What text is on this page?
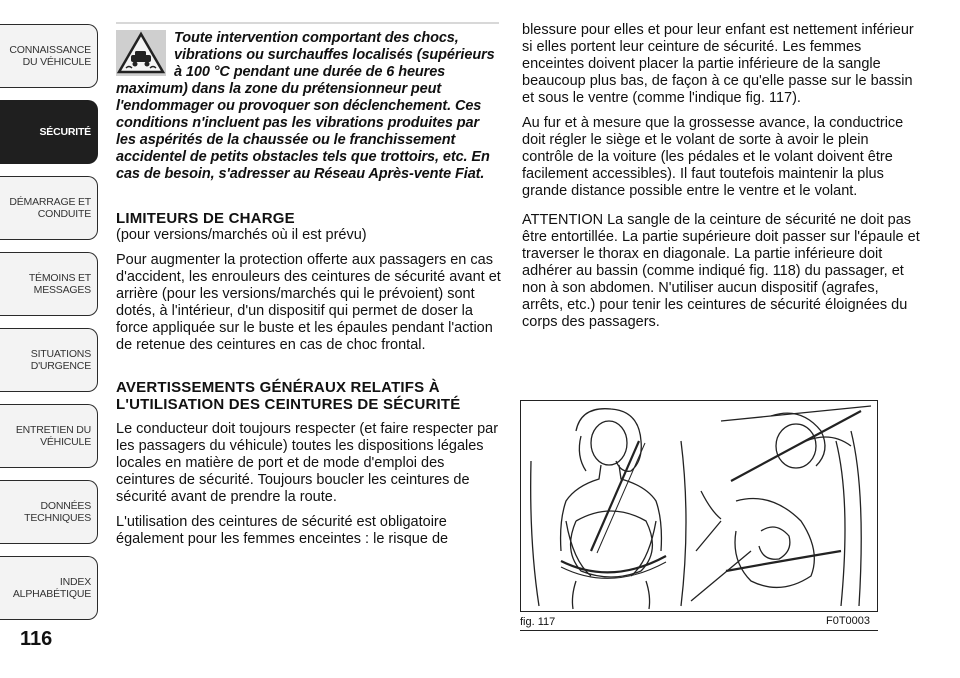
CONNAISSANCE
DU VÉHICULE
SÉCURITÉ
DÉMARRAGE ET
CONDUITE
TÉMOINS ET
MESSAGES
SITUATIONS
D'URGENCE
ENTRETIEN DU
VÉHICULE
DONNÉES
TECHNIQUES
INDEX
ALPHABÉTIQUE
116

Toute intervention comportant des chocs, vibrations ou surchauffes localisés (supérieurs à 100 °C pendant une durée de 6 heures maximum) dans la zone du prétensionneur peut l'endommager ou provoquer son déclenchement. Ces conditions n'incluent pas les vibrations produites par les aspérités de la chaussée ou le franchissement accidentel de petits obstacles tels que trottoirs, etc. En cas de besoin, s'adresser au Réseau Après-vente Fiat.

LIMITEURS DE CHARGE

(pour versions/marchés où il est prévu)

Pour augmenter la protection offerte aux passagers en cas d'accident, les enrouleurs des ceintures de sécurité avant et arrière (pour les versions/marchés qui le prévoient) sont dotés, à l'intérieur, d'un dispositif qui permet de doser la force appliquée sur le buste et les épaules pendant l'action de retenue des ceintures en cas de choc frontal.

AVERTISSEMENTS GÉNÉRAUX RELATIFS À L'UTILISATION DES CEINTURES DE SÉCURITÉ

Le conducteur doit toujours respecter (et faire respecter par les passagers du véhicule) toutes les dispositions légales locales en matière de port et de mode d'emploi des ceintures de sécurité. Toujours boucler les ceintures de sécurité avant de prendre la route.

L'utilisation des ceintures de sécurité est obligatoire également pour les femmes enceintes : le risque de

blessure pour elles et pour leur enfant est nettement inférieur si elles portent leur ceinture de sécurité. Les femmes enceintes doivent placer la partie inférieure de la sangle beaucoup plus bas, de façon à ce qu'elle passe sur le bassin et sous le ventre (comme l'indique fig. 117).

Au fur et à mesure que la grossesse avance, la conductrice doit régler le siège et le volant de sorte à avoir le plein contrôle de la voiture (les pédales et le volant doivent être facilement accessibles). Il faut toutefois maintenir la plus grande distance possible entre le ventre et le volant.

ATTENTION La sangle de la ceinture de sécurité ne doit pas être entortillée. La partie supérieure doit passer sur l'épaule et traverser le thorax en diagonale. La partie inférieure doit adhérer au bassin (comme indiqué fig. 118) du passager, et non à son abdomen. N'utiliser aucun dispositif (agrafes, arrêts, etc.) pour tenir les ceintures de sécurité éloignées du corps des passagers.

fig. 117	F0T0003
